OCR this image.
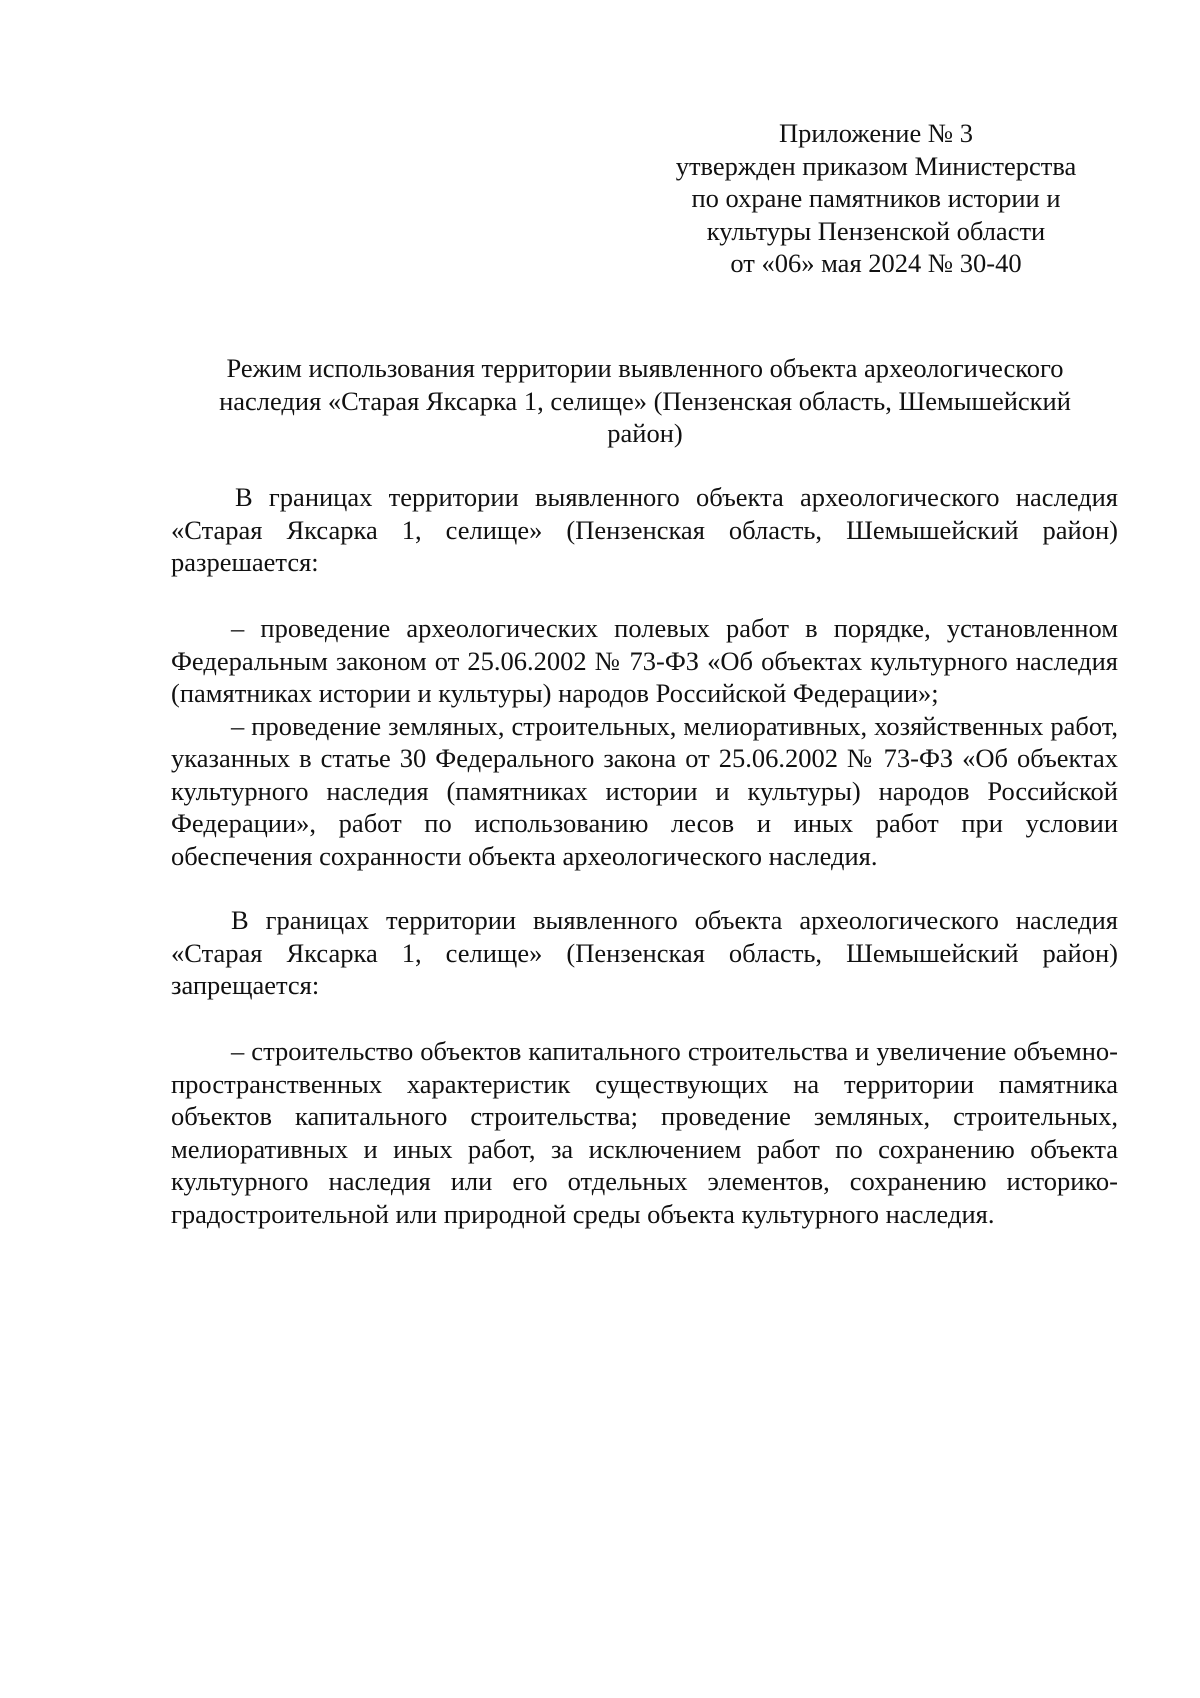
Приложение № 3
утвержден приказом Министерства
по охране памятников истории и
культуры Пензенской области
от «06» мая 2024 № 30-40
Режим использования территории выявленного объекта археологического
наследия «Старая Яксарка 1, селище» (Пензенская область, Шемышейский
район)

В границах территории выявленного объекта археологического наследия «Старая Яксарка 1, селище» (Пензенская область, Шемышейский район) разрешается:

– проведение археологических полевых работ в порядке, установленном Федеральным законом от 25.06.2002 № 73-ФЗ «Об объектах культурного наследия (памятниках истории и культуры) народов Российской Федерации»;

– проведение земляных, строительных, мелиоративных, хозяйственных работ, указанных в статье 30 Федерального закона от 25.06.2002 № 73-ФЗ «Об объектах культурного наследия (памятниках истории и культуры) народов Российской Федерации», работ по использованию лесов и иных работ при условии обеспечения сохранности объекта археологического наследия.

В границах территории выявленного объекта археологического наследия «Старая Яксарка 1, селище» (Пензенская область, Шемышейский район) запрещается:

– строительство объектов капитального строительства и увеличение объемно-пространственных характеристик существующих на территории памятника объектов капитального строительства; проведение земляных, строительных, мелиоративных и иных работ, за исключением работ по сохранению объекта культурного наследия или его отдельных элементов, сохранению историко-градостроительной или природной среды объекта культурного наследия.
